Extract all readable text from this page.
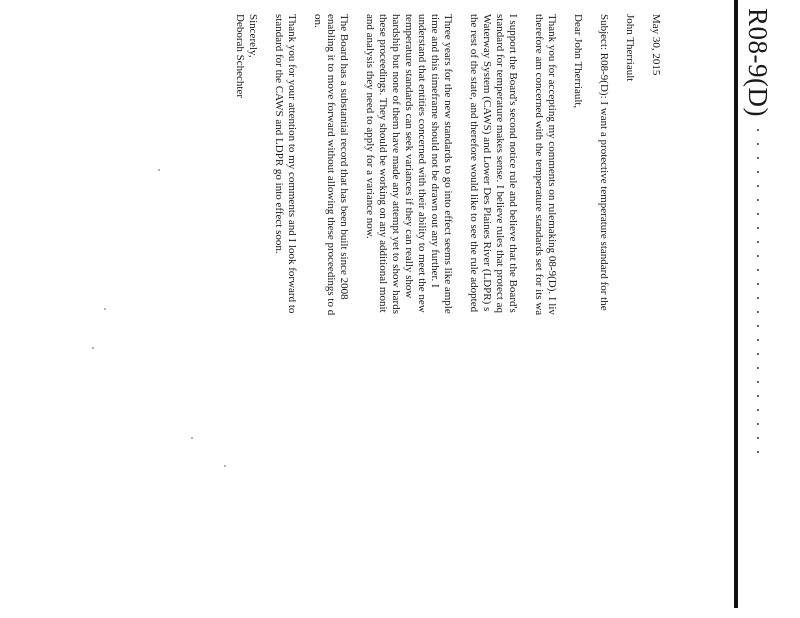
R08-9(D)
. . . . . . . . . . . . . . . . . . . . . . . .

May 30, 2015

John Therriault

Subject: R08-9(D): I want a protective temperature standard for the

Dear John Therriault,

Thank you for accepting my comments on rulemaking 08-9(D). I liv
therefore am concerned with the temperature standards set for its wa

I support the Board's second notice rule and believe that the Board's
standard for temperature makes sense. I believe rules that protect aq
Waterway System (CAWS) and Lower Des Plaines River (LDPR) s
the rest of the state, and therefore would like to see the rule adopted

Three years for the new standards to go into effect seems like ample
time and this timeframe should not be drawn out any further. I
understand that entities concerned with their ability to meet the new
temperature standards can seek variances if they can really show
hardship but none of them have made any attempt yet to show hards
these proceedings. They should be working on any additional monit
and analysis they need to apply for a variance now.

The Board has a substantial record that has been built since 2008
enabling it to move forward without allowing these proceedings to d
on.

Thank you for your attention to my comments and I look forward to
standard for the CAWS and LDPR go into effect soon.

Sincerely,

Deborah Schechter
